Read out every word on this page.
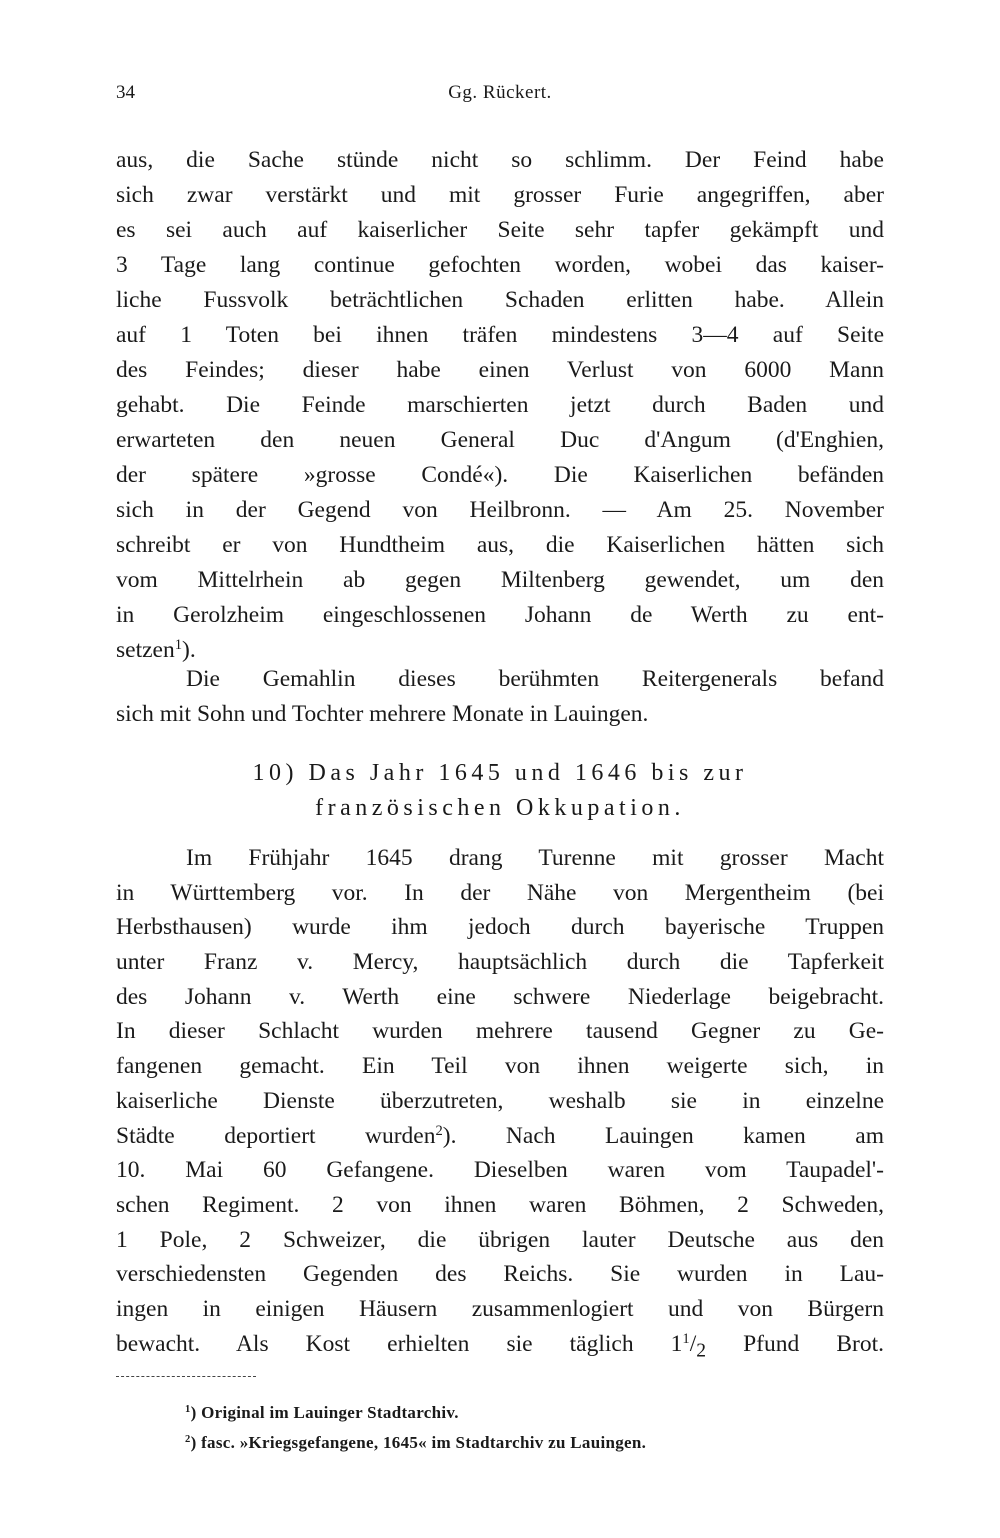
34	Gg. Rückert.
aus, die Sache stünde nicht so schlimm. Der Feind habe
sich zwar verstärkt und mit grosser Furie angegriffen, aber
es sei auch auf kaiserlicher Seite sehr tapfer gekämpft und
3 Tage lang continue gefochten worden, wobei das kaiser-
liche Fussvolk beträchtlichen Schaden erlitten habe. Allein
auf 1 Toten bei ihnen träfen mindestens 3—4 auf Seite
des Feindes; dieser habe einen Verlust von 6000 Mann
gehabt. Die Feinde marschierten jetzt durch Baden und
erwarteten den neuen General Duc d'Angum (d'Enghien,
der spätere »grosse Condé«). Die Kaiserlichen befänden
sich in der Gegend von Heilbronn. — Am 25. November
schreibt er von Hundtheim aus, die Kaiserlichen hätten sich
vom Mittelrhein ab gegen Miltenberg gewendet, um den
in Gerolzheim eingeschlossenen Johann de Werth zu ent-
setzen$^1$).
Die Gemahlin dieses berühmten Reitergenerals befand
sich mit Sohn und Tochter mehrere Monate in Lauingen.
10) Das Jahr 1645 und 1646 bis zur
französischen Okkupation.
Im Frühjahr 1645 drang Turenne mit grosser Macht
in Württemberg vor. In der Nähe von Mergentheim (bei
Herbsthausen) wurde ihm jedoch durch bayerische Truppen
unter Franz v. Mercy, hauptsächlich durch die Tapferkeit
des Johann v. Werth eine schwere Niederlage beigebracht.
In dieser Schlacht wurden mehrere tausend Gegner zu Ge-
fangenen gemacht. Ein Teil von ihnen weigerte sich, in
kaiserliche Dienste überzutreten, weshalb sie in einzelne
Städte deportiert wurden$^2$). Nach Lauingen kamen am
10. Mai 60 Gefangene. Dieselben waren vom Taupadel'-
schen Regiment. 2 von ihnen waren Böhmen, 2 Schweden,
1 Pole, 2 Schweizer, die übrigen lauter Deutsche aus den
verschiedensten Gegenden des Reichs. Sie wurden in Lau-
ingen in einigen Häusern zusammenlogiert und von Bürgern
bewacht. Als Kost erhielten sie täglich $1^1/_2$ Pfund Brot.
$^1$) Original im Lauinger Stadtarchiv.
$^2$) fasc. »Kriegsgefangene, 1645« im Stadtarchiv zu Lauingen.
